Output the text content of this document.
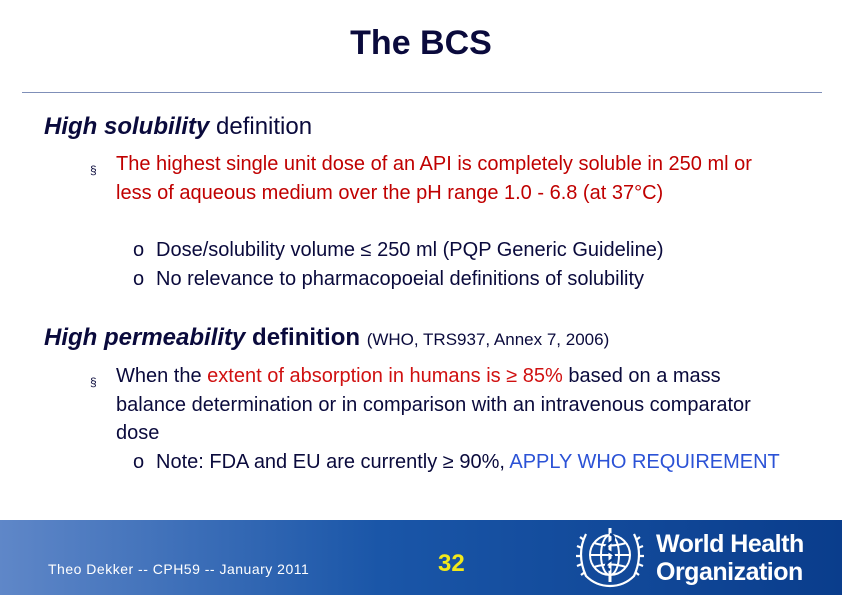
The BCS
High solubility definition
§ The highest single unit dose of an API is completely soluble in 250 ml or less of aqueous medium over the pH range 1.0 - 6.8 (at 37°C)
o Dose/solubility volume ≤ 250 ml (PQP Generic Guideline)
o No relevance to pharmacopoeial definitions of solubility
High permeability definition (WHO, TRS937, Annex 7, 2006)
§ When the extent of absorption in humans is ≥ 85% based on a mass balance determination or in comparison with an intravenous comparator dose
o Note: FDA and EU are currently ≥ 90%, APPLY WHO REQUIREMENT
Theo Dekker -- CPH59 -- January 2011	32
World Health
Organization
